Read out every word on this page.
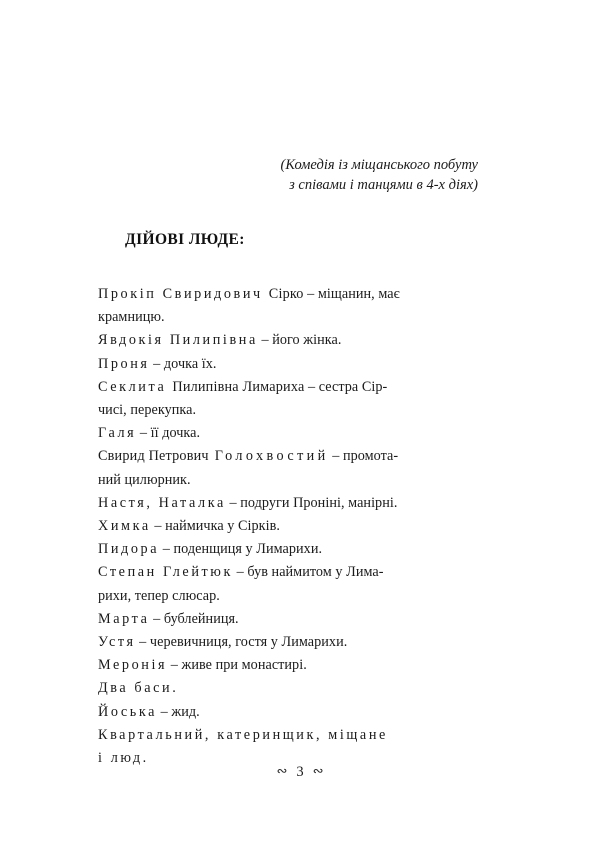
(Комедія із міщанського побуту
з співами і танцями в 4-х діях)
ДІЙОВІ ЛЮДЕ:

Прокіп Свиридович Сірко – міщанин, має
крамницю.

Явдокія Пилипівна – його жінка.

Проня – дочка їх.

Секлита Пилипівна Лимариха – сестра Сір-
чисі, перекупка.

Галя – її дочка.

Свирид Петрович Голохвостий – промота-
ний цилюрник.

Настя, Наталка – подруги Проніні, манірні.

Химка – наймичка у Сірків.

Пидора – поденщиця у Лимарихи.

Степан Глейтюк – був наймитом у Лима-
рихи, тепер слюсар.

Марта – бублейниця.

Устя – черевичниця, гостя у Лимарихи.

Меронія – живе при монастирі.

Два баси.

Йоська – жид.

Квартальний, катеринщик, міщане
і люд.

∾ 3 ∾
